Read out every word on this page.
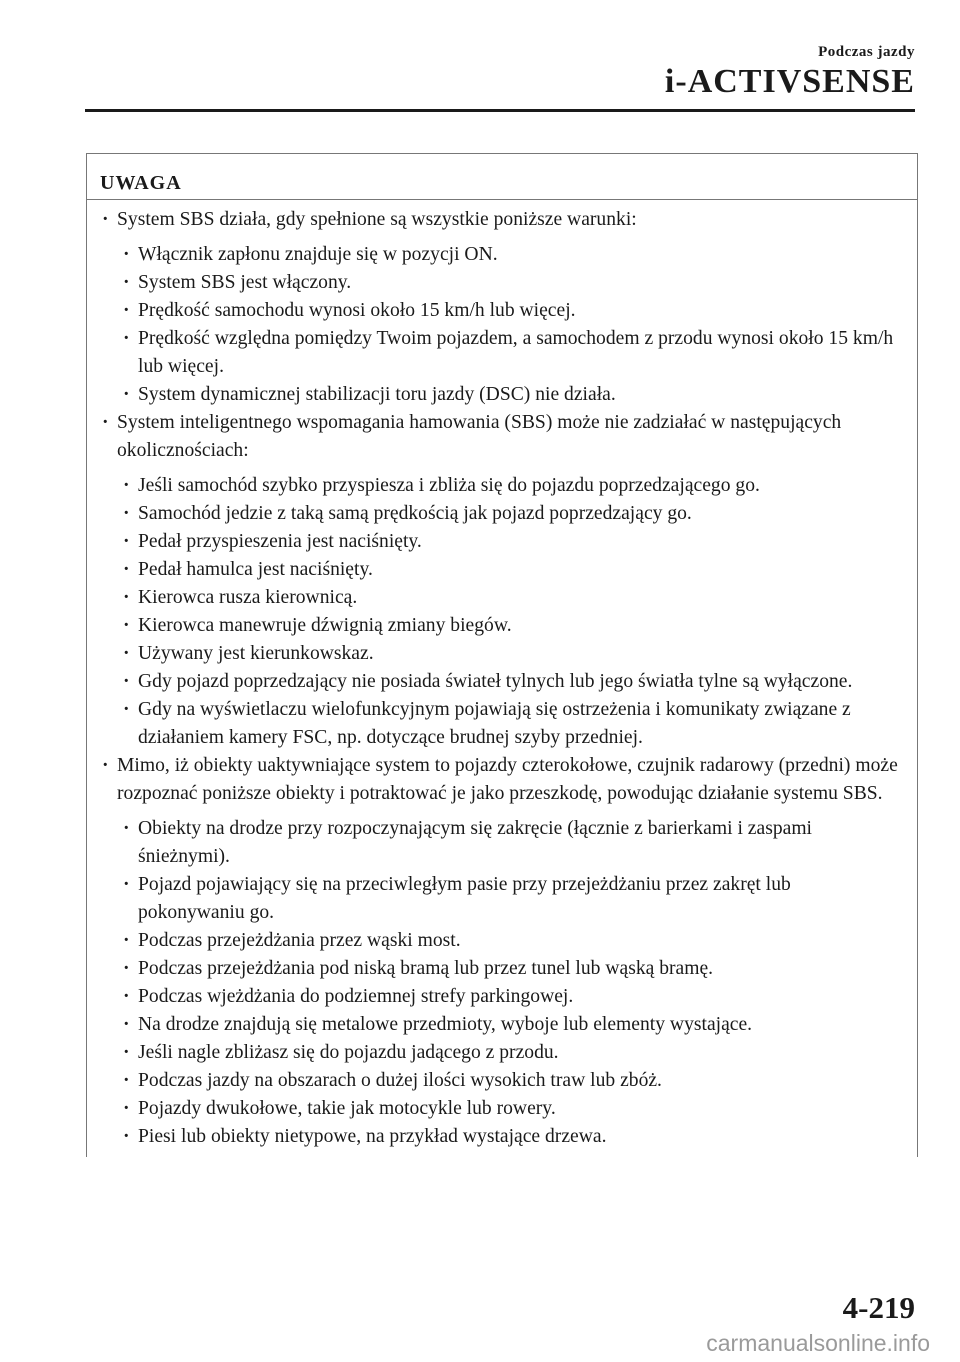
Podczas jazdy
i-ACTIVSENSE
UWAGA
· System SBS działa, gdy spełnione są wszystkie poniższe warunki:
· Włącznik zapłonu znajduje się w pozycji ON.
· System SBS jest włączony.
· Prędkość samochodu wynosi około 15 km/h lub więcej.
· Prędkość względna pomiędzy Twoim pojazdem, a samochodem z przodu wynosi około 15 km/h lub więcej.
· System dynamicznej stabilizacji toru jazdy (DSC) nie działa.
· System inteligentnego wspomagania hamowania (SBS) może nie zadziałać w następujących okolicznościach:
· Jeśli samochód szybko przyspiesza i zbliża się do pojazdu poprzedzającego go.
· Samochód jedzie z taką samą prędkością jak pojazd poprzedzający go.
· Pedał przyspieszenia jest naciśnięty.
· Pedał hamulca jest naciśnięty.
· Kierowca rusza kierownicą.
· Kierowca manewruje dźwignią zmiany biegów.
· Używany jest kierunkowskaz.
· Gdy pojazd poprzedzający nie posiada świateł tylnych lub jego światła tylne są wyłączone.
· Gdy na wyświetlaczu wielofunkcyjnym pojawiają się ostrzeżenia i komunikaty związane z działaniem kamery FSC, np. dotyczące brudnej szyby przedniej.
· Mimo, iż obiekty uaktywniające system to pojazdy czterokołowe, czujnik radarowy (przedni) może rozpoznać poniższe obiekty i potraktować je jako przeszkodę, powodując działanie systemu SBS.
· Obiekty na drodze przy rozpoczynającym się zakręcie (łącznie z barierkami i zaspami śnieżnymi).
· Pojazd pojawiający się na przeciwległym pasie przy przejeżdżaniu przez zakręt lub pokonywaniu go.
· Podczas przejeżdżania przez wąski most.
· Podczas przejeżdżania pod niską bramą lub przez tunel lub wąską bramę.
· Podczas wjeżdżania do podziemnej strefy parkingowej.
· Na drodze znajdują się metalowe przedmioty, wyboje lub elementy wystające.
· Jeśli nagle zbliżasz się do pojazdu jadącego z przodu.
· Podczas jazdy na obszarach o dużej ilości wysokich traw lub zbóż.
· Pojazdy dwukołowe, takie jak motocykle lub rowery.
· Piesi lub obiekty nietypowe, na przykład wystające drzewa.
4-219
carmanualsonline.info
